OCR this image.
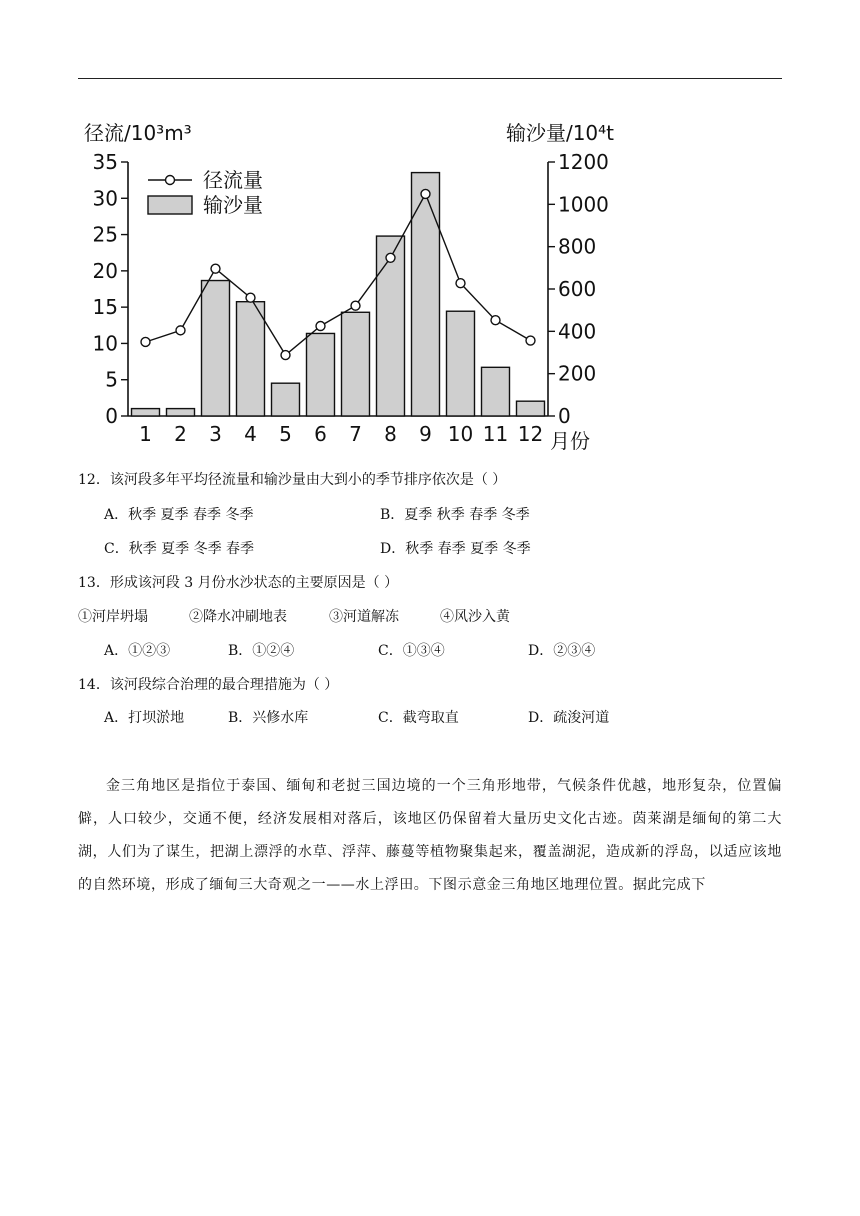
0
5
10
15
20
25
30
35
0
200
400
600
800
1000
1200
1 2 3 4 5 6 7 8 9 10 11 12
径流/10³m³	输沙量/10⁴t
月份
径流量
输沙量
12．该河段多年平均径流量和输沙量由大到小的季节排序依次是（ ）
A．秋季 夏季 春季 冬季	B．夏季 秋季 春季 冬季
C．秋季 夏季 冬季 春季	D．秋季 春季 夏季 冬季
13．形成该河段 3 月份水沙状态的主要原因是（ ）
①河岸坍塌	②降水冲刷地表	③河道解冻	④风沙入黄
A．①②③	B．①②④	C．①③④	D．②③④
14．该河段综合治理的最合理措施为（ ）
A．打坝淤地	B．兴修水库	C．截弯取直	D．疏浚河道

金三角地区是指位于泰国、缅甸和老挝三国边境的一个三角形地带，气候条件优越，地形复杂，位置偏僻，人口较少，交通不便，经济发展相对落后，该地区仍保留着大量历史文化古迹。茵莱湖是缅甸的第二大湖，人们为了谋生，把湖上漂浮的水草、浮萍、藤蔓等植物聚集起来，覆盖湖泥，造成新的浮岛，以适应该地的自然环境，形成了缅甸三大奇观之一——水上浮田。下图示意金三角地区地理位置。据此完成下
